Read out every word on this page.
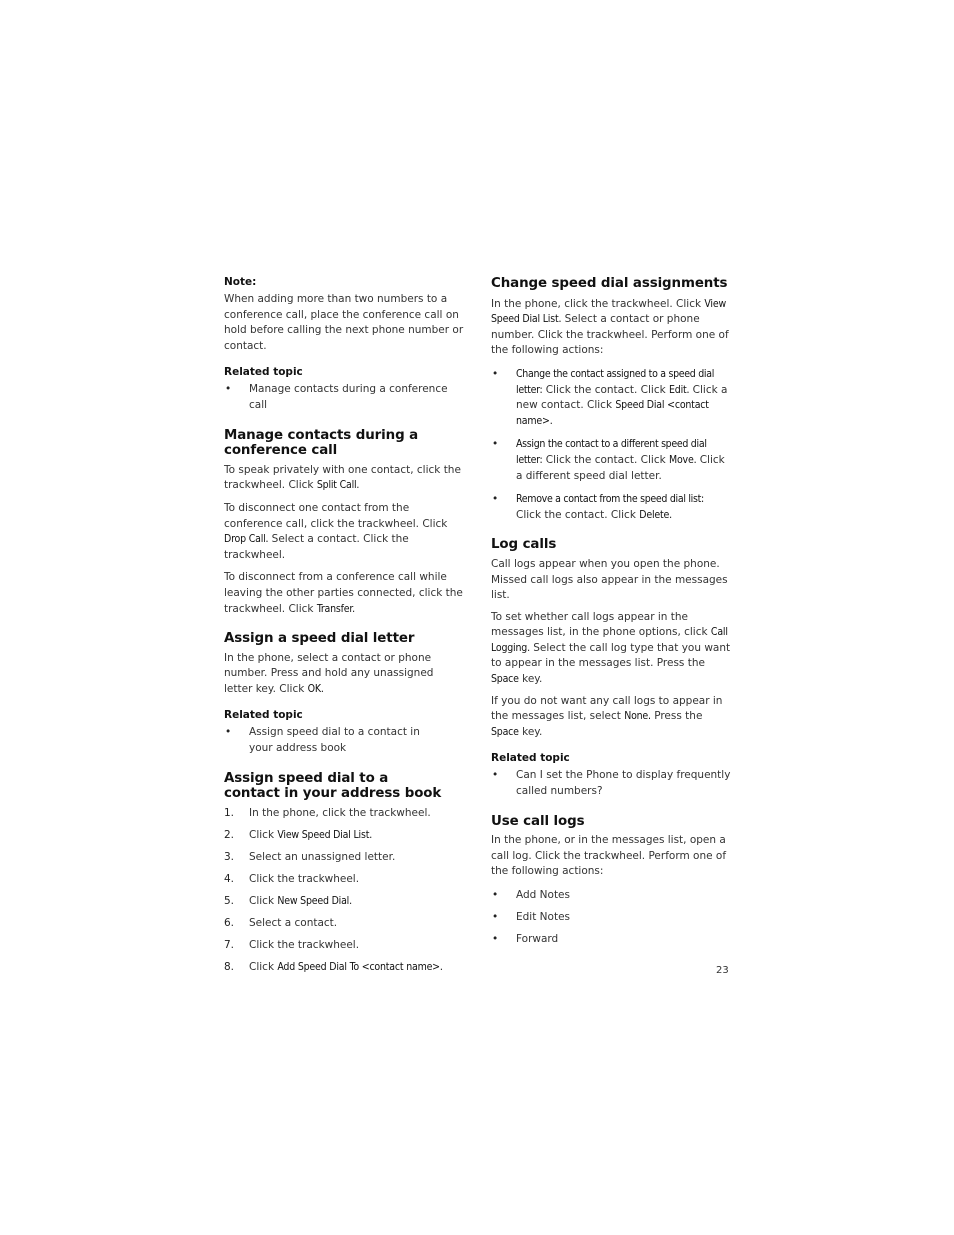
Note:

When adding more than two numbers to a conference call, place the conference call on hold before calling the next phone number or contact.

Related topic
• Manage contacts during a conference call
Manage contacts during a conference call

To speak privately with one contact, click the trackwheel. Click Split Call.

To disconnect one contact from the conference call, click the trackwheel. Click Drop Call. Select a contact. Click the trackwheel.

To disconnect from a conference call while leaving the other parties connected, click the trackwheel. Click Transfer.

Assign a speed dial letter

In the phone, select a contact or phone number. Press and hold any unassigned letter key. Click OK.

Related topic
• Assign speed dial to a contact in your address book
Assign speed dial to a contact in your address book
1. In the phone, click the trackwheel.
2. Click View Speed Dial List.
3. Select an unassigned letter.
4. Click the trackwheel.
5. Click New Speed Dial.
6. Select a contact.
7. Click the trackwheel.
8. Click Add Speed Dial To <contact name>.
Change speed dial assignments

In the phone, click the trackwheel. Click View Speed Dial List. Select a contact or phone number. Click the trackwheel. Perform one of the following actions:

• Change the contact assigned to a speed dial letter: Click the contact. Click Edit. Click a new contact. Click Speed Dial <contact name>.
• Assign the contact to a different speed dial letter: Click the contact. Click Move. Click a different speed dial letter.
• Remove a contact from the speed dial list: Click the contact. Click Delete.
Log calls

Call logs appear when you open the phone. Missed call logs also appear in the messages list.

To set whether call logs appear in the messages list, in the phone options, click Call Logging. Select the call log type that you want to appear in the messages list. Press the Space key.

If you do not want any call logs to appear in the messages list, select None. Press the Space key.

Related topic
• Can I set the Phone to display frequently called numbers?
Use call logs

In the phone, or in the messages list, open a call log. Click the trackwheel. Perform one of the following actions:

• Add Notes
• Edit Notes
• Forward
23
